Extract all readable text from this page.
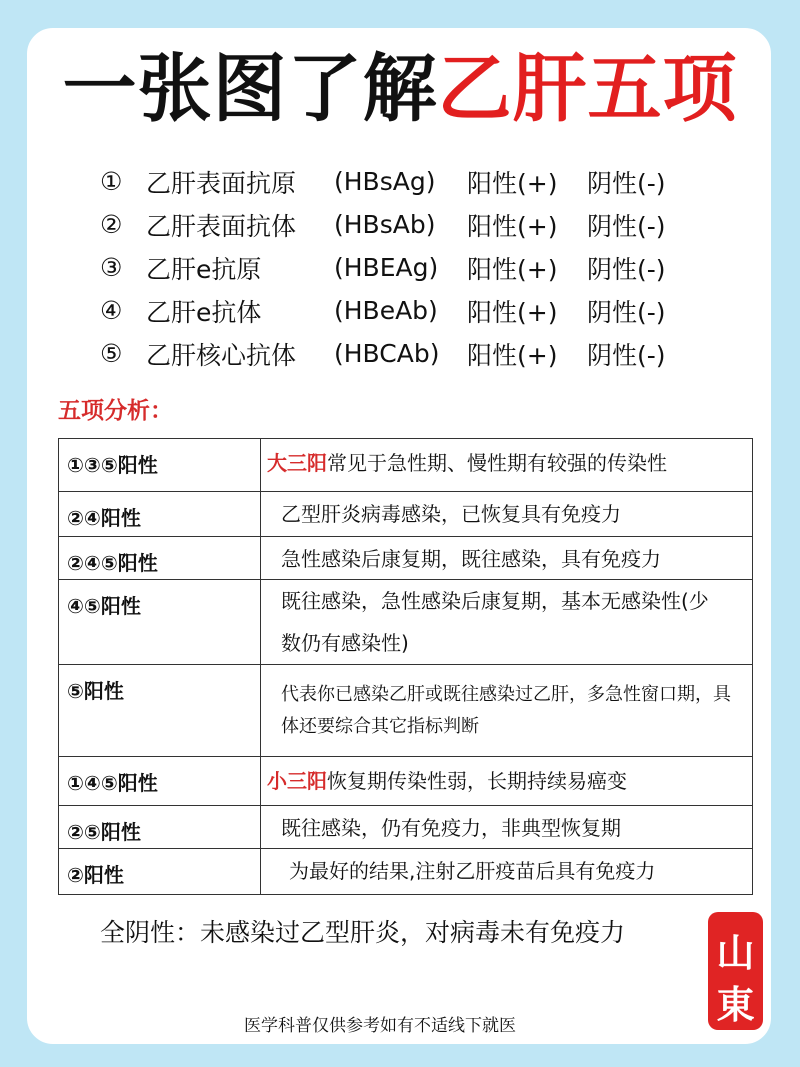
一张图了解乙肝五项
① 乙肝表面抗原	(HBsAg)	阳性(+)	阴性(-)
② 乙肝表面抗体	(HBsAb)	阳性(+)	阴性(-)
③ 乙肝e抗原	(HBEAg)	阳性(+)	阴性(-)
④ 乙肝e抗体	(HBeAb)	阳性(+)	阴性(-)
⑤ 乙肝核心抗体	(HBCAb)	阳性(+)	阴性(-)
五项分析：
①③⑤阳性	大三阳常见于急性期、慢性期有较强的传染性
②④阳性	乙型肝炎病毒感染，已恢复具有免疫力
②④⑤阳性	急性感染后康复期，既往感染，具有免疫力
④⑤阳性	既往感染，急性感染后康复期，基本无感染性(少数仍有感染性)
⑤阳性	代表你已感染乙肝或既往感染过乙肝，多急性窗口期，具体还要综合其它指标判断
①④⑤阳性	小三阳恢复期传染性弱，长期持续易癌变
②⑤阳性	既往感染，仍有免疫力，非典型恢复期
②阳性	为最好的结果,注射乙肝疫苗后具有免疫力
全阴性：未感染过乙型肝炎，对病毒未有免疫力
医学科普仅供参考如有不适线下就医
山
東
